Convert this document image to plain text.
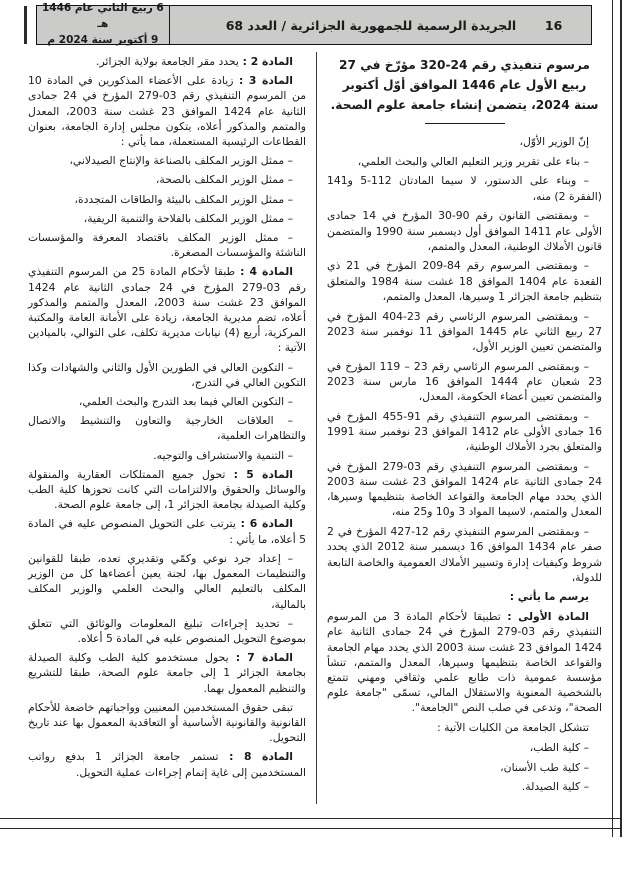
6 ربيع الثاني عام 1446 هـ
9 أكتوبر سنة 2024 م
الجريدة الرسمية للجمهورية الجزائرية / العدد 68	16
مرسوم تنفيذي رقم 24-320 مؤرّخ في 27 ربيع الأول عام 1446 الموافق أوّل أكتوبر سنة 2024، يتضمن إنشاء جامعة علوم الصحة.

إنّ الوزير الأوّل،

– بناء على تقرير وزير التعليم العالي والبحث العلمي،

– وبناء على الدستور، لا سيما المادتان 112-5 و141 (الفقرة 2) منه،

– وبمقتضى القانون رقم 90-30 المؤرخ في 14 جمادى الأولى عام 1411 الموافق أول ديسمبر سنة 1990 والمتضمن قانون الأملاك الوطنية، المعدل والمتمم،

– وبمقتضى المرسوم رقم 84-209 المؤرخ في 21 ذي القعدة عام 1404 الموافق 18 غشت سنة 1984 والمتعلق بتنظيم جامعة الجزائر 1 وسيرها، المعدل والمتمم،

– وبمقتضى المرسوم الرئاسي رقم 23-404 المؤرخ في 27 ربيع الثاني عام 1445 الموافق 11 نوفمبر سنة 2023 والمتضمن تعيين الوزير الأول،

– وبمقتضى المرسوم الرئاسي رقم 23 – 119 المؤرخ في 23 شعبان عام 1444 الموافق 16 مارس سنة 2023 والمتضمن تعيين أعضاء الحكومة، المعدل،

– وبمقتضى المرسوم التنفيذي رقم 91-455 المؤرخ في 16 جمادى الأولى عام 1412 الموافق 23 نوفمبر سنة 1991 والمتعلق بجرد الأملاك الوطنية،

– وبمقتضى المرسوم التنفيذي رقم 03-279 المؤرخ في 24 جمادى الثانية عام 1424 الموافق 23 غشت سنة 2003 الذي يحدد مهام الجامعة والقواعد الخاصة بتنظيمها وسيرها، المعدل والمتمم، لاسيما المواد 3 و10 و25 منه،

– وبمقتضى المرسوم التنفيذي رقم 12-427 المؤرخ في 2 صفر عام 1434 الموافق 16 ديسمبر سنة 2012 الذي يحدد شروط وكيفيات إدارة وتسيير الأملاك العمومية والخاصة التابعة للدولة،

يرسم ما يأتي :

المادة الأولى : تطبيقا لأحكام المادة 3 من المرسوم التنفيذي رقم 03-279 المؤرخ في 24 جمادى الثانية عام 1424 الموافق 23 غشت سنة 2003 الذي يحدد مهام الجامعة والقواعد الخاصة بتنظيمها وسيرها، المعدل والمتمم، تنشأ مؤسسة عمومية ذات طابع علمي وثقافي ومهني تتمتع بالشخصية المعنوية والاستقلال المالي، تسمّى "جامعة علوم الصحة"، وتدعى في صلب النص "الجامعة".

تتشكل الجامعة من الكليات الآتية :

– كلية الطب،

– كلية طب الأسنان،

– كلية الصيدلة.

المادة 2 : يحدد مقر الجامعة بولاية الجزائر.

المادة 3 : زيادة على الأعضاء المذكورين في المادة 10 من المرسوم التنفيذي رقم 03-279 المؤرخ في 24 جمادى الثانية عام 1424 الموافق 23 غشت سنة 2003، المعدل والمتمم والمذكور أعلاه، يتكون مجلس إدارة الجامعة، بعنوان القطاعات الرئيسية المستعملة، مما يأتي :

– ممثل الوزير المكلف بالصناعة والإنتاج الصيدلاني،

– ممثل الوزير المكلف بالصحة،

– ممثل الوزير المكلف بالبيئة والطاقات المتجددة،

– ممثل الوزير المكلف بالفلاحة والتنمية الريفية،

– ممثل الوزير المكلف باقتصاد المعرفة والمؤسسات الناشئة والمؤسسات المصغرة.

المادة 4 : طبقا لأحكام المادة 25 من المرسوم التنفيذي رقم 03-279 المؤرخ في 24 جمادى الثانية عام 1424 الموافق 23 غشت سنة 2003، المعدل والمتمم والمذكور أعلاه، تضم مديرية الجامعة، زيادة على الأمانة العامة والمكتبة المركزية، أربع (4) نيابات مديرية تكلف، على التوالي، بالميادين الآتية :

– التكوين العالي في الطورين الأول والثاني والشهادات وكذا التكوين العالي في التدرج،

– التكوين العالي فيما بعد التدرج والبحث العلمي،

– العلاقات الخارجية والتعاون والتنشيط والاتصال والتظاهرات العلمية،

– التنمية والاستشراف والتوجيه.

المادة 5 : تحول جميع الممتلكات العقارية والمنقولة والوسائل والحقوق والالتزامات التي كانت تحوزها كلية الطب وكلية الصيدلة بجامعة الجزائر 1، إلى جامعة علوم الصحة.

المادة 6 : يترتب على التحويل المنصوص عليه في المادة 5 أعلاه، ما يأتي :

– إعداد جرد نوعي وكمّي وتقديري تعده، طبقا للقوانين والتنظيمات المعمول بها، لجنة يعين أعضاءها كل من الوزير المكلف بالتعليم العالي والبحث العلمي والوزير المكلف بالمالية،

– تحديد إجراءات تبليغ المعلومات والوثائق التي تتعلق بموضوع التحويل المنصوص عليه في المادة 5 أعلاه.

المادة 7 : يحول مستخدمو كلية الطب وكلية الصيدلة بجامعة الجزائر 1 إلى جامعة علوم الصحة، طبقا للتشريع والتنظيم المعمول بهما.

تبقى حقوق المستخدمين المعنيين وواجباتهم خاضعة للأحكام القانونية والقانونية الأساسية أو التعاقدية المعمول بها عند تاريخ التحويل.

المادة 8 : تستمر جامعة الجزائر 1 بدفع رواتب المستخدمين إلى غاية إتمام إجراءات عملية التحويل.
